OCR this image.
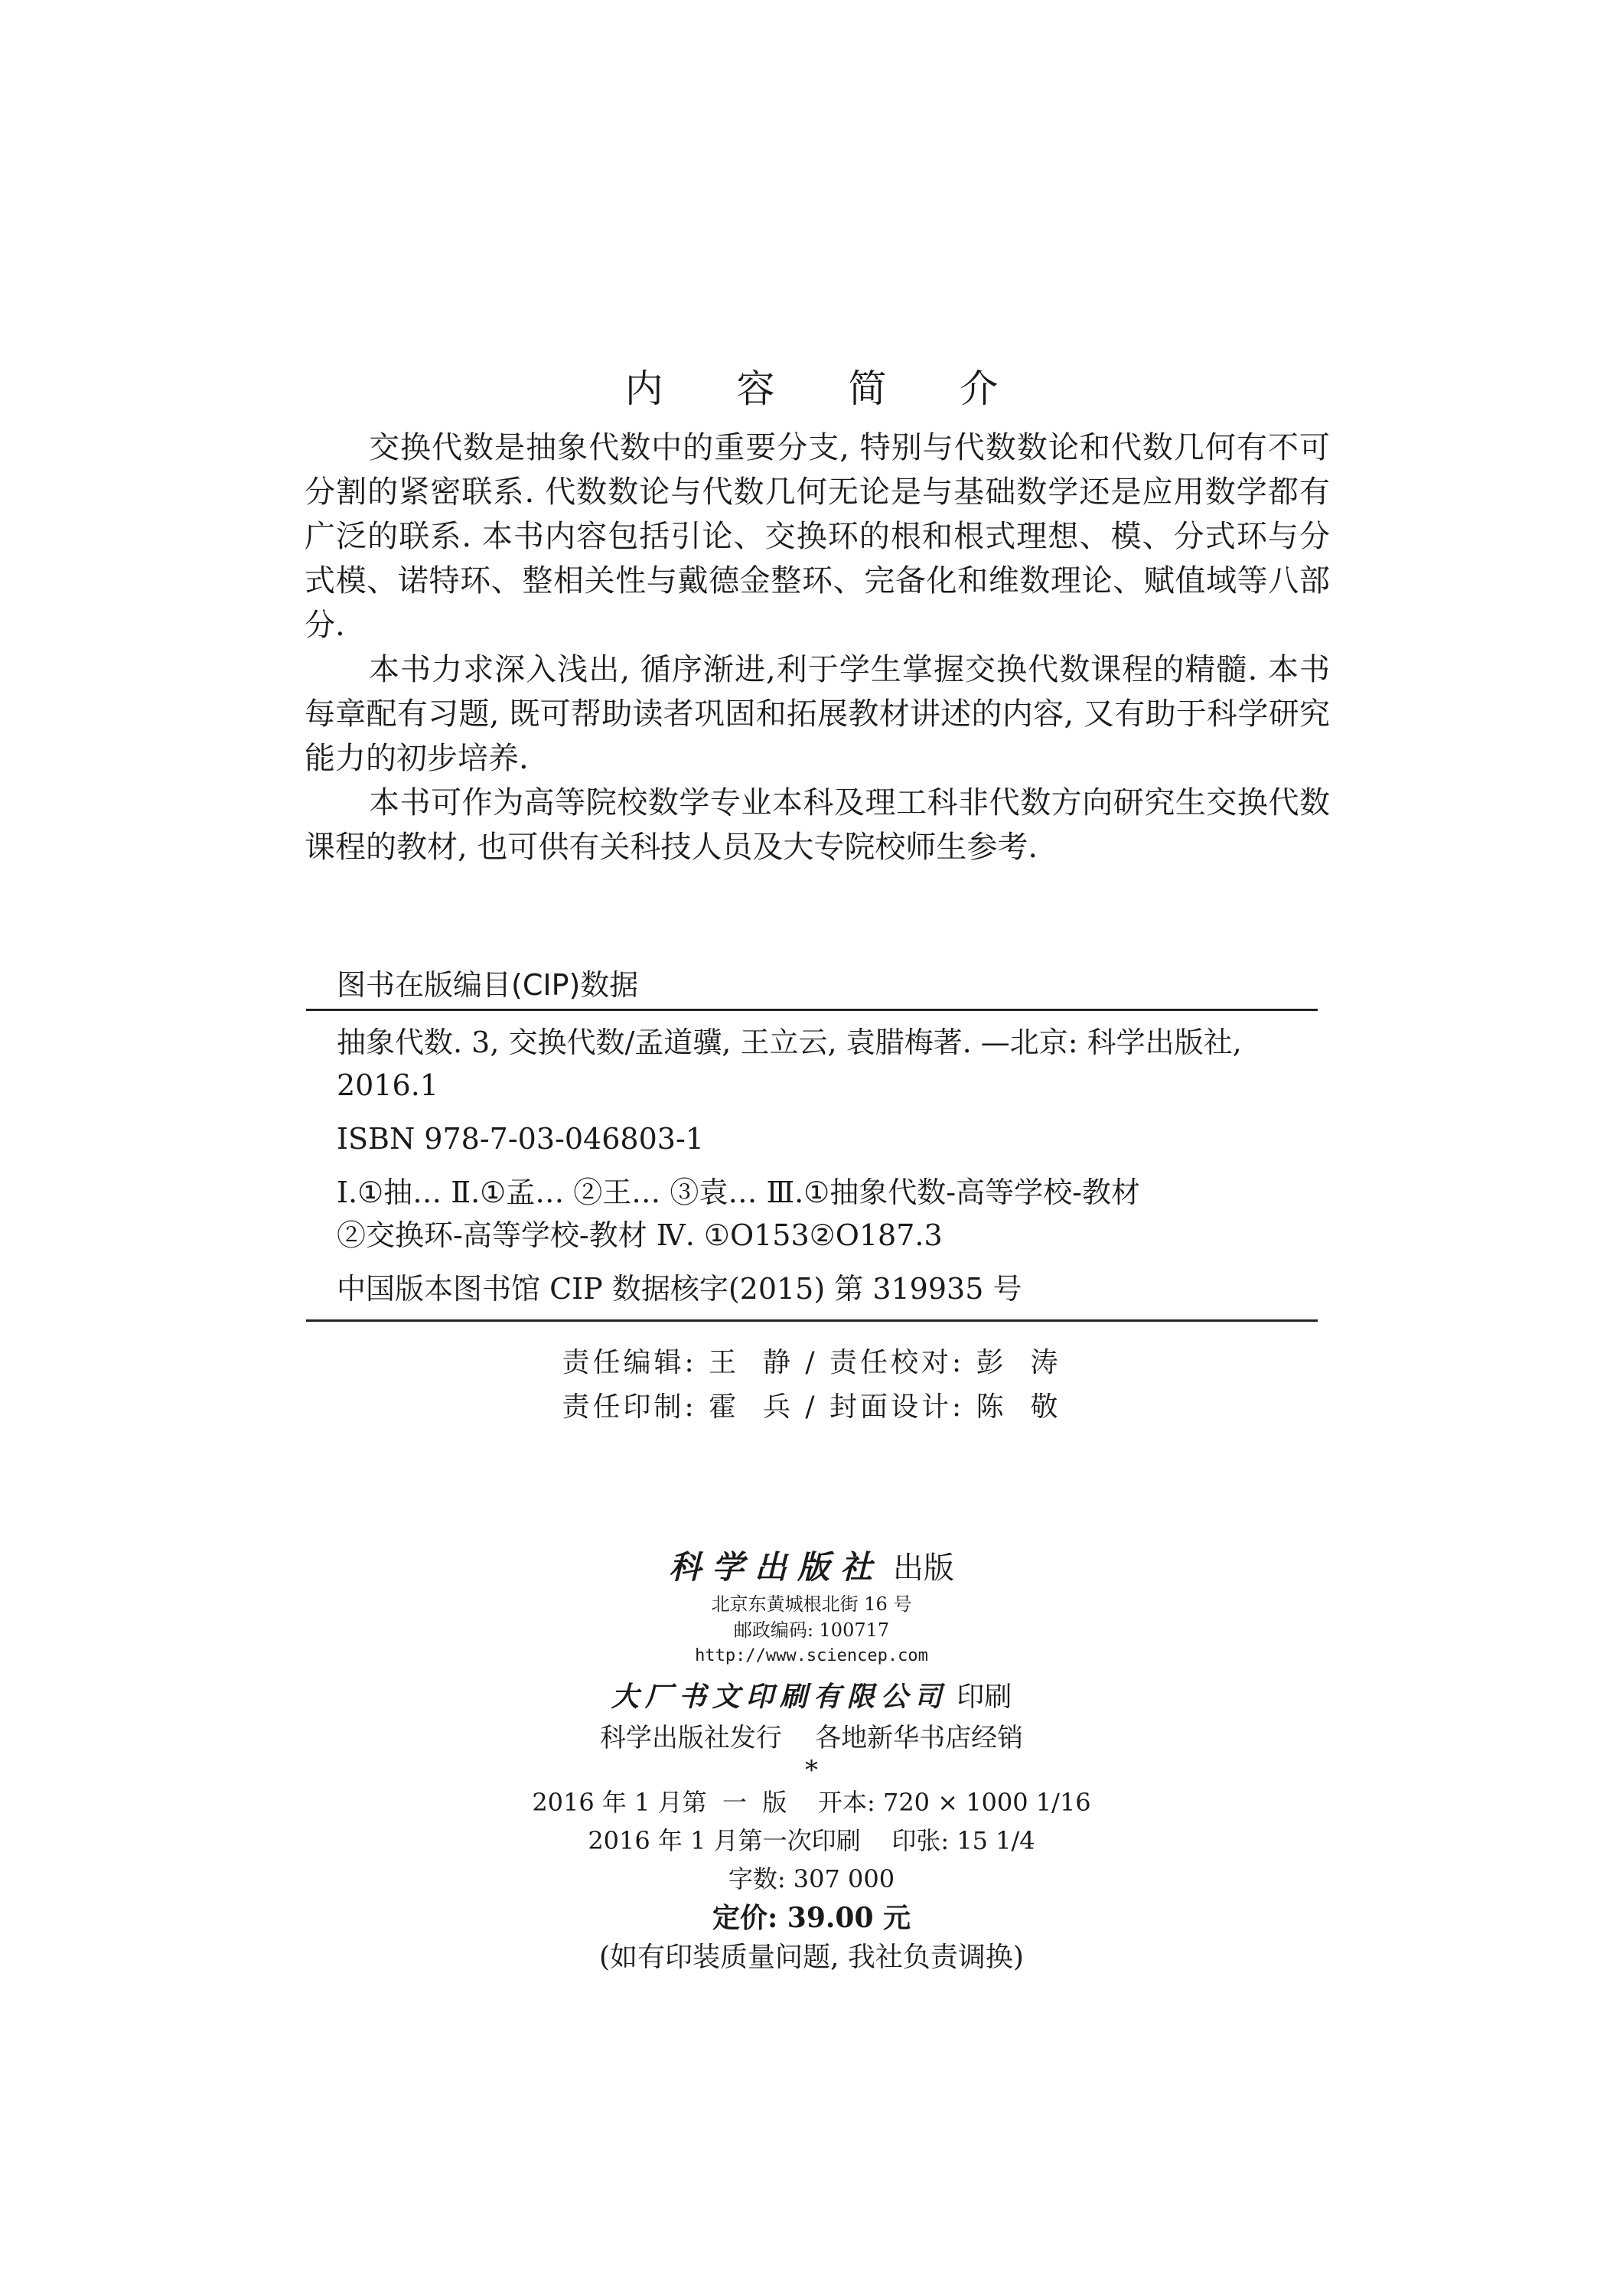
内 容 简 介

交换代数是抽象代数中的重要分支, 特别与代数数论和代数几何有不可分割的紧密联系. 代数数论与代数几何无论是与基础数学还是应用数学都有广泛的联系. 本书内容包括引论、交换环的根和根式理想、模、分式环与分式模、诺特环、整相关性与戴德金整环、完备化和维数理论、赋值域等八部分.

本书力求深入浅出, 循序渐进,利于学生掌握交换代数课程的精髓. 本书每章配有习题, 既可帮助读者巩固和拓展教材讲述的内容, 又有助于科学研究能力的初步培养.

本书可作为高等院校数学专业本科及理工科非代数方向研究生交换代数课程的教材, 也可供有关科技人员及大专院校师生参考.

图书在版编目(CIP)数据
抽象代数. 3, 交换代数/孟道骥, 王立云, 袁腊梅著. —北京: 科学出版社,
2016.1
ISBN 978-7-03-046803-1
Ⅰ.①抽… Ⅱ.①孟… ②王… ③袁… Ⅲ.①抽象代数-高等学校-教材
②交换环-高等学校-教材 Ⅳ. ①O153②O187.3
中国版本图书馆 CIP 数据核字(2015) 第 319935 号
责任编辑: 王  静 / 责任校对: 彭  涛
责任印制: 霍  兵 / 封面设计: 陈  敬
科学出版社 出版
北京东黄城根北街 16 号
邮政编码: 100717
http://www.sciencep.com
大厂书文印刷有限公司 印刷
科学出版社发行    各地新华书店经销
*
2016 年 1 月第  一  版    开本: 720 × 1000 1/16
2016 年 1 月第一次印刷    印张: 15 1/4
字数: 307 000
定价: 39.00 元
(如有印装质量问题, 我社负责调换)
